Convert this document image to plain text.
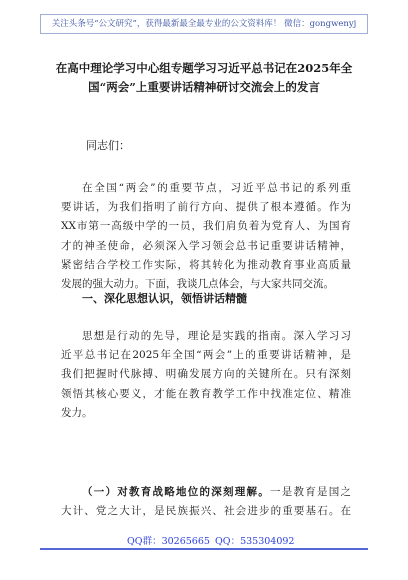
关注头条号“公文研究”，获得最新最全最专业的公文资料库！ 微信：gongwenyj
在高中理论学习中心组专题学习习近平总书记在2025年全
国“两会”上重要讲话精神研讨交流会上的发言
同志们：
在全国“两会”的重要节点，习近平总书记的系列重
要讲话，为我们指明了前行方向、提供了根本遵循。作为
XX市第一高级中学的一员，我们肩负着为党育人、为国育
才的神圣使命，必须深入学习领会总书记重要讲话精神，
紧密结合学校工作实际，将其转化为推动教育事业高质量
发展的强大动力。下面，我谈几点体会，与大家共同交流。
一、深化思想认识，领悟讲话精髓
思想是行动的先导，理论是实践的指南。深入学习习
近平总书记在2025年全国“两会”上的重要讲话精神，是
我们把握时代脉搏、明确发展方向的关键所在。只有深刻
领悟其核心要义，才能在教育教学工作中找准定位、精准
发力。
（一）对教育战略地位的深刻理解。一是教育是国之
大计、党之大计，是民族振兴、社会进步的重要基石。在
QQ群：30265665 QQ：535304092
